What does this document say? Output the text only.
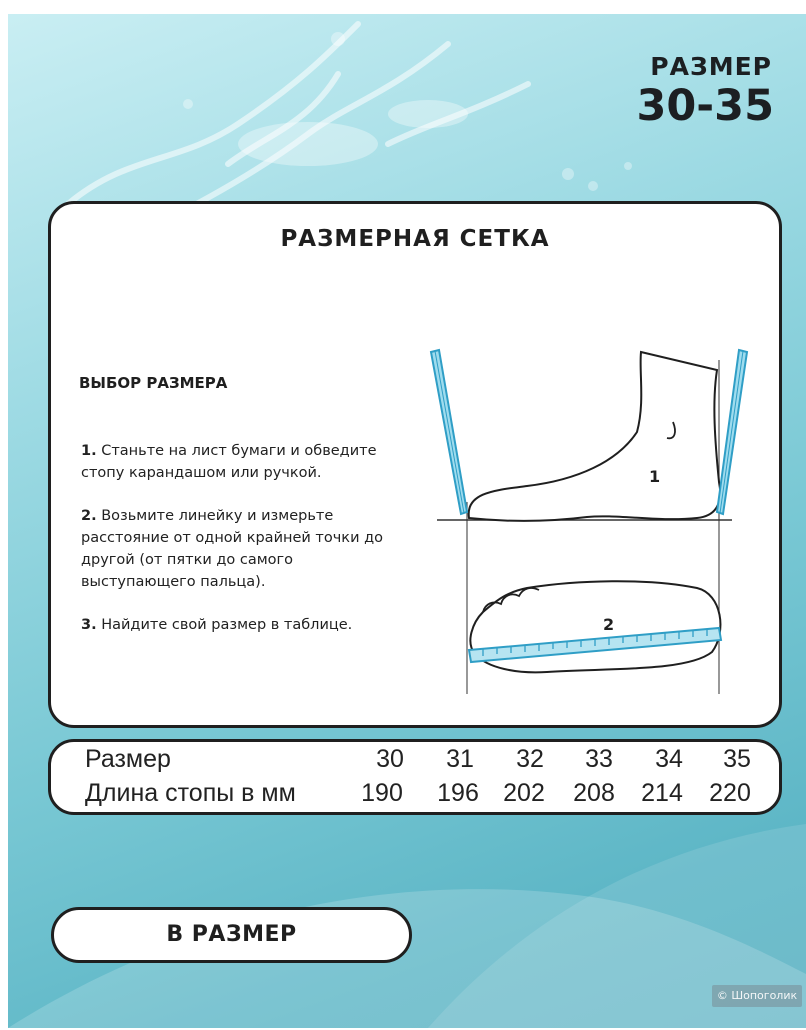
РАЗМЕР
30-35
РАЗМЕРНАЯ СЕТКА
ВЫБОР РАЗМЕРА
1. Станьте на лист бумаги и обведите стопу карандашом или ручкой.
2. Возьмите линейку и измерьте расстояние от одной крайней точки до другой (от пятки до самого выступающего пальца).
3. Найдите свой размер в таблице.
1
2
Размер	30	31	32	33	34	35
Длина стопы в мм	190	196 202	208	214	220
В РАЗМЕР
© Шопоголик
